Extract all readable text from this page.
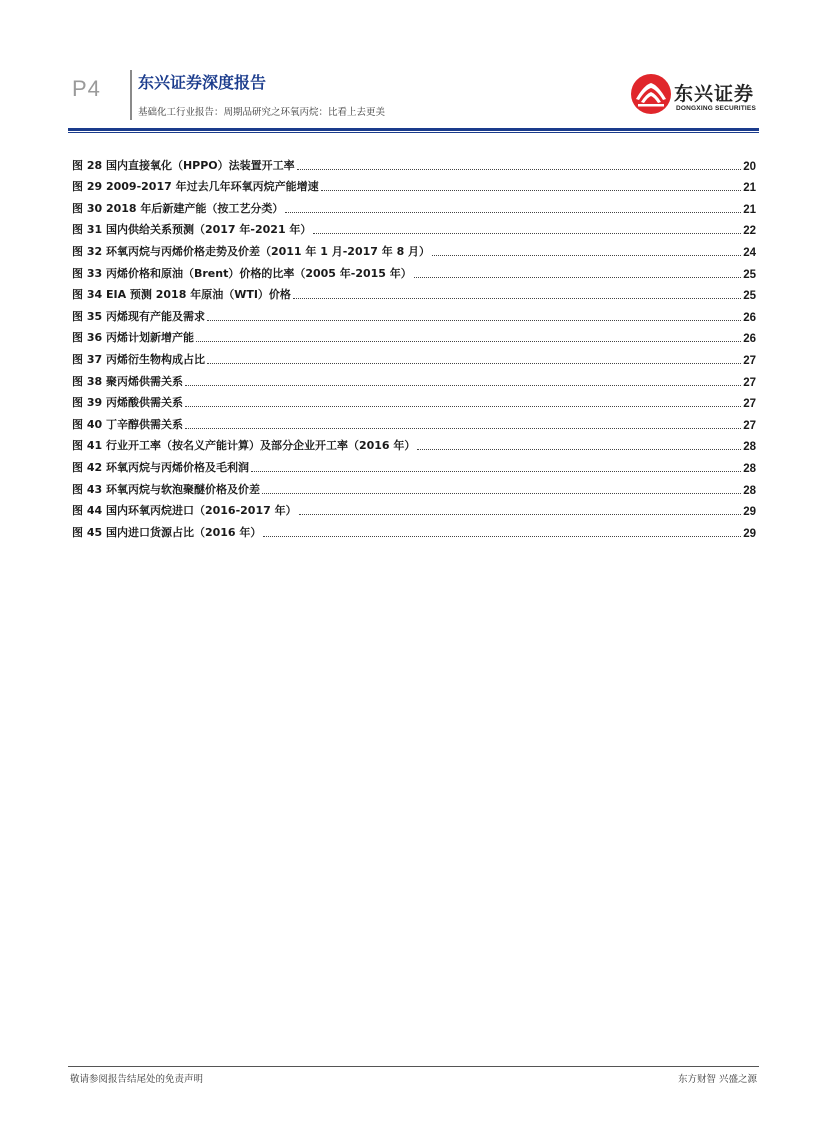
P4 东兴证券深度报告
基础化工行业报告：周期品研究之环氧丙烷：比看上去更美
东兴证券
DONGXING SECURITIES
图 28 国内直接氧化（HPPO）法装置开工率	20
图 29 2009-2017 年过去几年环氧丙烷产能增速	21
图 30 2018 年后新建产能（按工艺分类）	21
图 31 国内供给关系预测（2017 年-2021 年）	22
图 32 环氧丙烷与丙烯价格走势及价差（2011 年 1 月-2017 年 8 月）	24
图 33 丙烯价格和原油（Brent）价格的比率（2005 年-2015 年）	25
图 34 EIA 预测 2018 年原油（WTI）价格	25
图 35 丙烯现有产能及需求	26
图 36 丙烯计划新增产能	26
图 37 丙烯衍生物构成占比	27
图 38 聚丙烯供需关系	27
图 39 丙烯酸供需关系	27
图 40 丁辛醇供需关系	27
图 41 行业开工率（按名义产能计算）及部分企业开工率（2016 年）	28
图 42 环氧丙烷与丙烯价格及毛利润	28
图 43 环氧丙烷与软泡聚醚价格及价差	28
图 44 国内环氧丙烷进口（2016-2017 年）	29
图 45 国内进口货源占比（2016 年）	29
敬请参阅报告结尾处的免责声明	东方财智 兴盛之源
